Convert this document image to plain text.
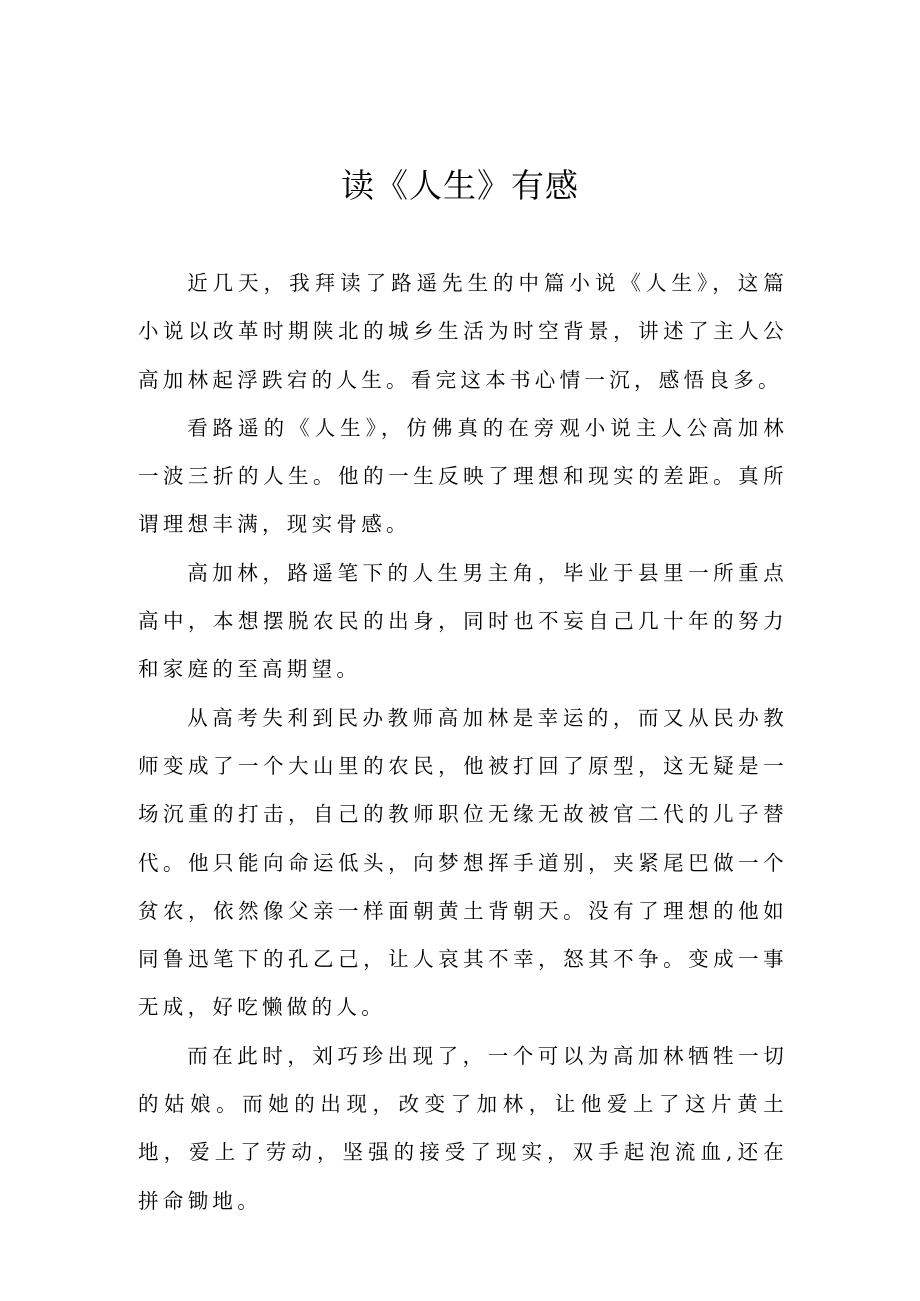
读《人生》有感

近几天，我拜读了路遥先生的中篇小说《人生》，这篇小说以改革时期陕北的城乡生活为时空背景，讲述了主人公高加林起浮跌宕的人生。看完这本书心情一沉，感悟良多。

看路遥的《人生》，仿佛真的在旁观小说主人公高加林一波三折的人生。他的一生反映了理想和现实的差距。真所谓理想丰满，现实骨感。

高加林，路遥笔下的人生男主角，毕业于县里一所重点高中，本想摆脱农民的出身，同时也不妄自己几十年的努力和家庭的至高期望。

从高考失利到民办教师高加林是幸运的，而又从民办教师变成了一个大山里的农民，他被打回了原型，这无疑是一场沉重的打击，自己的教师职位无缘无故被官二代的儿子替代。他只能向命运低头，向梦想挥手道别，夹紧尾巴做一个贫农，依然像父亲一样面朝黄土背朝天。没有了理想的他如同鲁迅笔下的孔乙己，让人哀其不幸，怒其不争。变成一事无成，好吃懒做的人。

而在此时，刘巧珍出现了，一个可以为高加林牺牲一切的姑娘。而她的出现，改变了加林，让他爱上了这片黄土地，爱上了劳动，坚强的接受了现实，双手起泡流血,还在拼命锄地。
